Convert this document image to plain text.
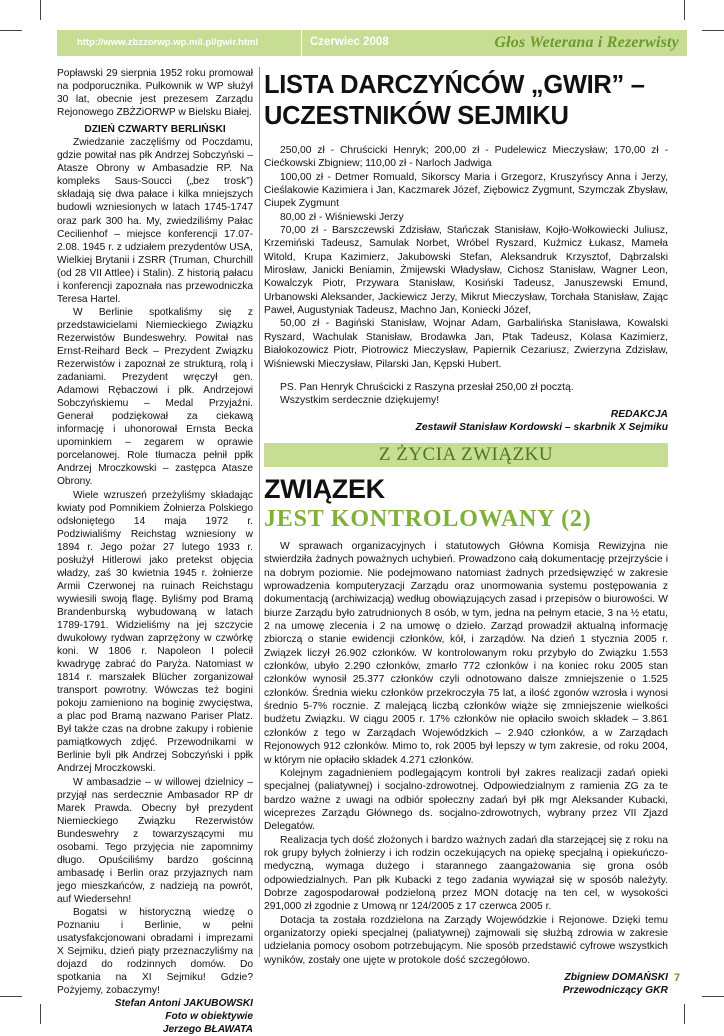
http://www.zbzzorwp.wp.mil.pl/gwir.html	Czerwiec 2008	Głos Weterana i Rezerwisty

Popławski 29 sierpnia 1952 roku promował na podporucznika. Pułkownik w WP służył 30 lat, obecnie jest prezesem Zarządu Rejonowego ZBŻZiORWP w Bielsku Białej.

DZIEŃ CZWARTY BERLIŃSKI

Zwiedzanie zaczęliśmy od Poczdamu, gdzie powitał nas płk Andrzej Sobczyński – Atasze Obrony w Ambasadzie RP. Na kompleks Saus-Soucci („bez trosk”) składają się dwa pałace i kilka mniejszych budowli wzniesionych w latach 1745-1747 oraz park 300 ha. My, zwiedziliśmy Pałac Cecilienhof – miejsce konferencji 17.07-2.08. 1945 r. z udziałem prezydentów USA, Wielkiej Brytanii i ZSRR (Truman, Churchill (od 28 VII Attlee) i Stalin). Z historią pałacu i konferencji zapoznała nas przewodniczka Teresa Hartel.

W Berlinie spotkaliśmy się z przedstawicielami Niemieckiego Związku Rezerwistów Bundeswehry. Powitał nas Ernst-Reihard Beck – Prezydent Związku Rezerwistów i zapoznał ze strukturą, rolą i zadaniami. Prezydent wręczył gen. Adamowi Rębaczowi i płk. Andrzejowi Sobczyńskiemu – Medal Przyjaźni. Generał podziękował za ciekawą informację i uhonorował Ernsta Becka upominkiem – zegarem w oprawie porcelanowej. Role tłumacza pełnił ppłk Andrzej Mroczkowski – zastępca Atasze Obrony.

Wiele wzruszeń przeżyliśmy składając kwiaty pod Pomnikiem Żołnierza Polskiego odsłoniętego 14 maja 1972 r. Podziwialiśmy Reichstag wzniesiony w 1894 r. Jego pożar 27 lutego 1933 r. posłużył Hitlerowi jako pretekst objęcia władzy, zaś 30 kwietnia 1945 r. żołnierze Armii Czerwonej na ruinach Reichstagu wywiesili swoją flagę. Byliśmy pod Bramą Brandenburską wybudowaną w latach 1789-1791. Widzieliśmy na jej szczycie dwukołowy rydwan zaprzężony w czwórkę koni. W 1806 r. Napoleon I polecił kwadrygę zabrać do Paryża. Natomiast w 1814 r. marszałek Blücher zorganizował transport powrotny. Wówczas też bogini pokoju zamieniono na boginię zwycięstwa, a plac pod Bramą nazwano Pariser Platz. Był także czas na drobne zakupy i robienie pamiątkowych zdjęć. Przewodnikami w Berlinie byli płk Andrzej Sobczyński i ppłk Andrzej Mroczkowski.

W ambasadzie – w willowej dzielnicy – przyjął nas serdecznie Ambasador RP dr Marek Prawda. Obecny był prezydent Niemieckiego Związku Rezerwistów Bundeswehry z towarzyszącymi mu osobami. Tego przyjęcia nie zapomnimy długo. Opuściliśmy bardzo gościnną ambasadę i Berlin oraz przyjaznych nam jego mieszkańców, z nadzieją na powrót, auf Wiedersehn!

Bogatsi w historyczną wiedzę o Poznaniu i Berlinie, w pełni usatysfakcjonowani obradami i imprezami X Sejmiku, dzień piąty przeznaczyliśmy na dojazd do rodzinnych domów. Do spotkania na XI Sejmiku! Gdzie? Pożyjemy, zobaczymy!

Stefan Antoni JAKUBOWSKI

Foto w obiektywie

Jerzego BŁAWATA

LISTA DARCZYŃCÓW „GWIR” – UCZESTNIKÓW SEJMIKU

250,00 zł - Chruścicki Henryk; 200,00 zł - Pudelewicz Mieczysław; 170,00 zł - Ciećkowski Zbigniew; 110,00 zł - Narloch Jadwiga

100,00 zł - Detmer Romuald, Sikorscy Maria i Grzegorz, Kruszyńscy Anna i Jerzy, Cieślakowie Kazimiera i Jan, Kaczmarek Józef, Ziębowicz Zygmunt, Szymczak Zbysław, Ciupek Zygmunt

80,00 zł - Wiśniewski Jerzy

70,00 zł - Barszczewski Zdzisław, Stańczak Stanisław, Kojło-Wołkowiecki Juliusz, Krzemiński Tadeusz, Samulak Norbet, Wróbel Ryszard, Kuźmicz Łukasz, Mameła Witold, Krupa Kazimierz, Jakubowski Stefan, Aleksandruk Krzysztof, Dąbrzalski Mirosław, Janicki Beniamin, Żmijewski Władysław, Cichosz Stanisław, Wagner Leon, Kowalczyk Piotr, Przywara Stanisław, Kosiński Tadeusz, Januszewski Emund, Urbanowski Aleksander, Jackiewicz Jerzy, Mikrut Mieczysław, Torchała Stanisław, Zając Paweł, Augustyniak Tadeusz, Machno Jan, Koniecki Józef,

50,00 zł - Bagiński Stanisław, Wojnar Adam, Garbalińska Stanisława, Kowalski Ryszard, Wachulak Stanisław, Brodawka Jan, Ptak Tadeusz, Kolasa Kazimierz, Białokozowicz Piotr, Piotrowicz Mieczysław, Papiernik Cezariusz, Zwierzyna Zdzisław, Wiśniewski Mieczysław, Pilarski Jan, Kępski Hubert.

PS. Pan Henryk Chruścicki z Raszyna przesłał 250,00 zł pocztą.

Wszystkim serdecznie dziękujemy!

REDAKCJA

Zestawił Stanisław Kordowski – skarbnik X Sejmiku

Z ŻYCIA ZWIĄZKU
ZWIĄZEK
JEST KONTROLOWANY (2)

W sprawach organizacyjnych i statutowych Główna Komisja Rewizyjna nie stwierdziła żadnych poważnych uchybień. Prowadzono całą dokumentację przejrzyście i na dobrym poziomie. Nie podejmowano natomiast żadnych przedsięwzięć w zakresie wprowadzenia komputeryzacji Zarządu oraz unormowania systemu postępowania z dokumentacją (archiwizacją) według obowiązujących zasad i przepisów o biurowości. W biurze Zarządu było zatrudnionych 8 osób, w tym, jedna na pełnym etacie, 3 na ½ etatu, 2 na umowę zlecenia i 2 na umowę o dzieło. Zarząd prowadził aktualną informację zbiorczą o stanie ewidencji członków, kół, i zarządów. Na dzień 1 stycznia 2005 r. Związek liczył 26.902 członków. W kontrolowanym roku przybyło do Związku 1.553 członków, ubyło 2.290 członków, zmarło 772 członków i na koniec roku 2005 stan członków wynosił 25.377 członków czyli odnotowano dalsze zmniejszenie o 1.525 członków. Średnia wieku członków przekroczyła 75 lat, a ilość zgonów wzrosła i wynosi średnio 5-7% rocznie. Z malejącą liczbą członków wiąże się zmniejszenie wielkości budżetu Związku. W ciągu 2005 r. 17% członków nie opłaciło swoich składek – 3.861 członków z tego w Zarządach Wojewódzkich – 2.940 członków, a w Zarządach Rejonowych 912 członków. Mimo to, rok 2005 był lepszy w tym zakresie, od roku 2004, w którym nie opłaciło składek 4.271 członków.

Kolejnym zagadnieniem podlegającym kontroli był zakres realizacji zadań opieki specjalnej (paliatywnej) i socjalno-zdrowotnej. Odpowiedzialnym z ramienia ZG za te bardzo ważne z uwagi na odbiór społeczny zadań był płk mgr Aleksander Kubacki, wiceprezes Zarządu Głównego ds. socjalno-zdrowotnych, wybrany przez VII Zjazd Delegatów.

Realizacja tych dość złożonych i bardzo ważnych zadań dla starzejącej się z roku na rok grupy byłych żołnierzy i ich rodzin oczekujących na opiekę specjalną i opiekuńczo-medyczną, wymaga dużego i starannego zaangażowania się grona osób odpowiedzialnych. Pan płk Kubacki z tego zadania wywiązał się w sposób należyty. Dobrze zagospodarował podzieloną przez MON dotację na ten cel, w wysokości 291,000 zł zgodnie z Umową nr 124/2005 z 17 czerwca 2005 r.

Dotacja ta została rozdzielona na Zarządy Wojewódzkie i Rejonowe. Dzięki temu organizatorzy opieki specjalnej (paliatywnej) zajmowali się służbą zdrowia w zakresie udzielania pomocy osobom potrzebującym. Nie sposób przedstawić cyfrowe wszystkich wyników, zostały one ujęte w protokole dość szczegółowo.

Zbigniew DOMAŃSKI

Przewodniczący GKR

7
